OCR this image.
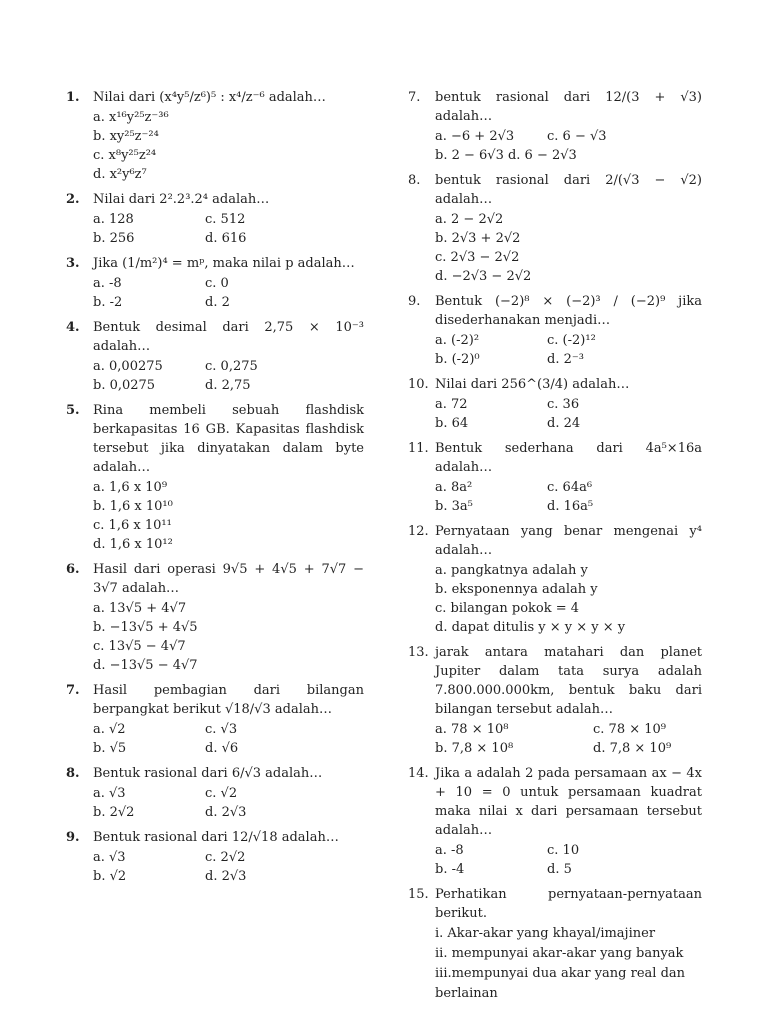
1.	Nilai dari (x⁴y⁵/z⁶)⁵ : x⁴/z⁻⁶ adalah…
a. x¹⁶y²⁵z⁻³⁶
b. xy²⁵z⁻²⁴
c. x⁸y²⁵z²⁴
d. x²y⁶z⁷
2.	Nilai dari 2².2³.2⁴ adalah…
a. 128	c. 512
b. 256	d. 616
3.	Jika (1/m²)⁴ = mᵖ, maka nilai p adalah…
a. -8	c. 0
b. -2	d. 2
4.	Bentuk desimal dari 2,75 × 10⁻³ adalah…
a. 0,00275	c. 0,275
b. 0,0275	d. 2,75
5.	Rina membeli sebuah flashdisk berkapasitas 16 GB. Kapasitas flashdisk tersebut jika dinyatakan dalam byte adalah…
a. 1,6 x 10⁹
b. 1,6 x 10¹⁰
c. 1,6 x 10¹¹
d. 1,6 x 10¹²
6.	Hasil dari operasi 9√5 + 4√5 + 7√7 − 3√7 adalah…
a. 13√5 + 4√7
b. −13√5 + 4√5
c. 13√5 − 4√7
d. −13√5 − 4√7
7.	Hasil pembagian dari bilangan berpangkat berikut √18/√3 adalah…
a. √2	c. √3
b. √5	d. √6
8.	Bentuk rasional dari 6/√3 adalah…
a. √3	c. √2
b. 2√2	d. 2√3
9.	Bentuk rasional dari 12/√18 adalah…
a. √3	c. 2√2
b. √2	d. 2√3
7.	bentuk rasional dari 12/(3 + √3) adalah…
a. −6 + 2√3	c. 6 − √3
b. 2 − 6√3 d. 6 − 2√3
8.	bentuk rasional dari 2/(√3 − √2) adalah…
a. 2 − 2√2
b. 2√3 + 2√2
c. 2√3 − 2√2
d. −2√3 − 2√2
9.	Bentuk (−2)⁸ × (−2)³ / (−2)⁹ jika disederhanakan menjadi…
a. (-2)²	c. (-2)¹²
b. (-2)⁰	d. 2⁻³
10. Nilai dari 256^(3/4) adalah…
a. 72	c. 36
b. 64	d. 24
11. Bentuk sederhana dari 4a⁵×16a adalah…
a. 8a²	c. 64a⁶
b. 3a⁵	d. 16a⁵
12. Pernyataan yang benar mengenai y⁴ adalah…
a. pangkatnya adalah y
b. eksponennya adalah y
c. bilangan pokok = 4
d. dapat ditulis y × y × y × y
13. jarak antara matahari dan planet Jupiter dalam tata surya adalah 7.800.000.000km, bentuk baku dari bilangan tersebut adalah…
a. 78 × 10⁸	c. 78 × 10⁹
b. 7,8 × 10⁸	d. 7,8 × 10⁹
14. Jika a adalah 2 pada persamaan ax − 4x + 10 = 0 untuk persamaan kuadrat maka nilai x dari persamaan tersebut adalah…
a. -8	c. 10
b. -4	d. 5
15. Perhatikan pernyataan-pernyataan berikut.
i. Akar-akar yang khayal/imajiner
ii. mempunyai akar-akar yang banyak
iii.mempunyai dua akar yang real dan berlainan
